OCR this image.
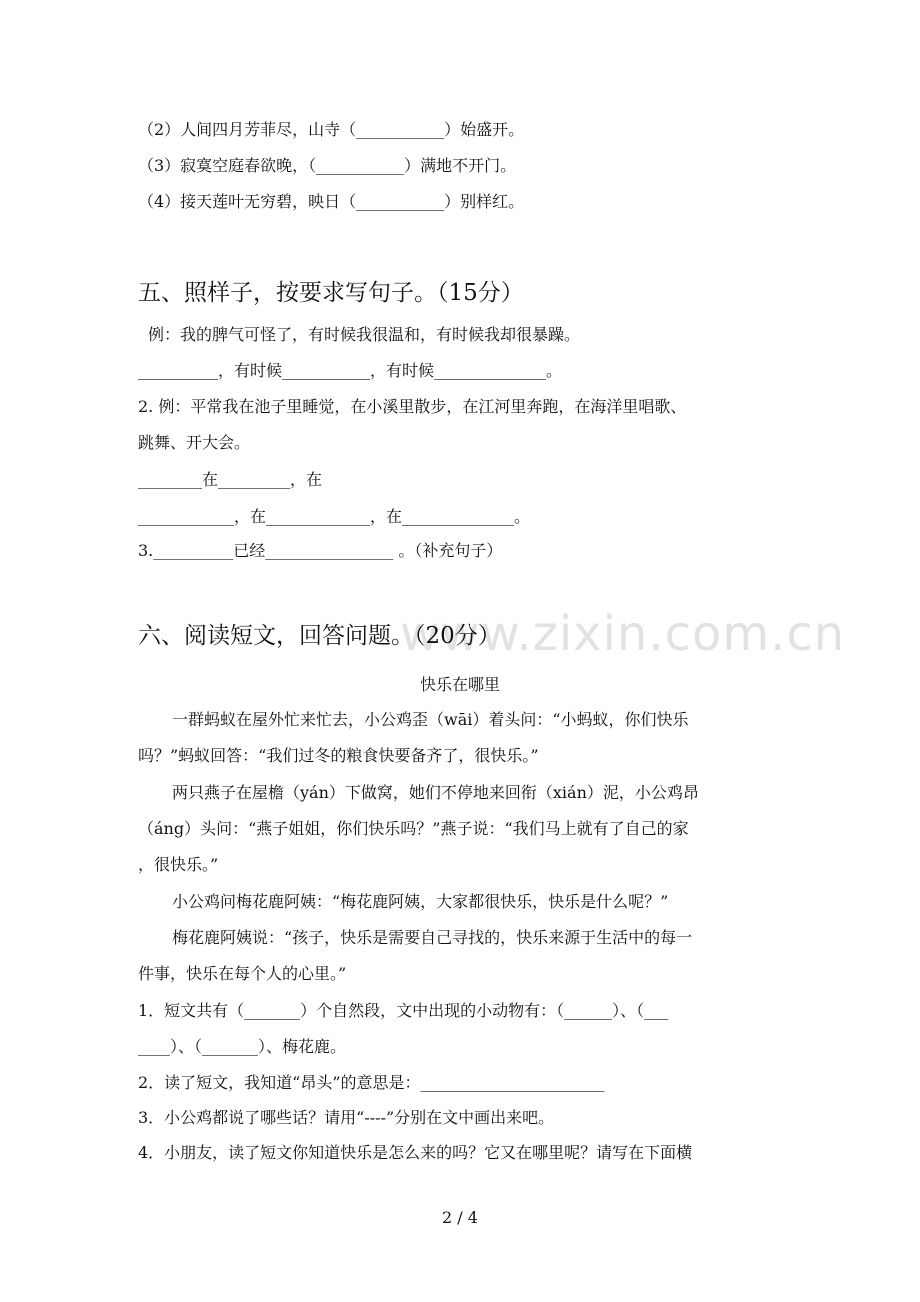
（2）人间四月芳菲尽，山寺（___________）始盛开。
（3）寂寞空庭春欲晚，（___________）满地不开门。
（4）接天莲叶无穷碧，映日（___________）别样红。
五、照样子，按要求写句子。（15分）
例：我的脾气可怪了，有时候我很温和，有时候我却很暴躁。
__________，有时候___________，有时候______________。
2. 例：平常我在池子里睡觉，在小溪里散步，在江河里奔跑，在海洋里唱歌、
跳舞、开大会。
________在_________，在
____________，在_____________，在______________。
3.__________已经________________ 。（补充句子）
www.zixin.com.cn
六、阅读短文，回答问题。（20分）
快乐在哪里
一群蚂蚁在屋外忙来忙去，小公鸡歪（wāi）着头问：“小蚂蚁，你们快乐
吗？”蚂蚁回答：“我们过冬的粮食快要备齐了，很快乐。”
两只燕子在屋檐（yán）下做窝，她们不停地来回衔（xián）泥，小公鸡昂
（áng）头问：“燕子姐姐，你们快乐吗？”燕子说：“我们马上就有了自己的家
，很快乐。”
小公鸡问梅花鹿阿姨：“梅花鹿阿姨，大家都很快乐，快乐是什么呢？”
梅花鹿阿姨说：“孩子，快乐是需要自己寻找的，快乐来源于生活中的每一
件事，快乐在每个人的心里。”
1．短文共有（_______）个自然段，文中出现的小动物有：（______）、（___
____）、（_______）、梅花鹿。
2．读了短文，我知道“昂头”的意思是：_______________________
3．小公鸡都说了哪些话？请用“----”分别在文中画出来吧。
4．小朋友，读了短文你知道快乐是怎么来的吗？它又在哪里呢？请写在下面横
2 / 4
